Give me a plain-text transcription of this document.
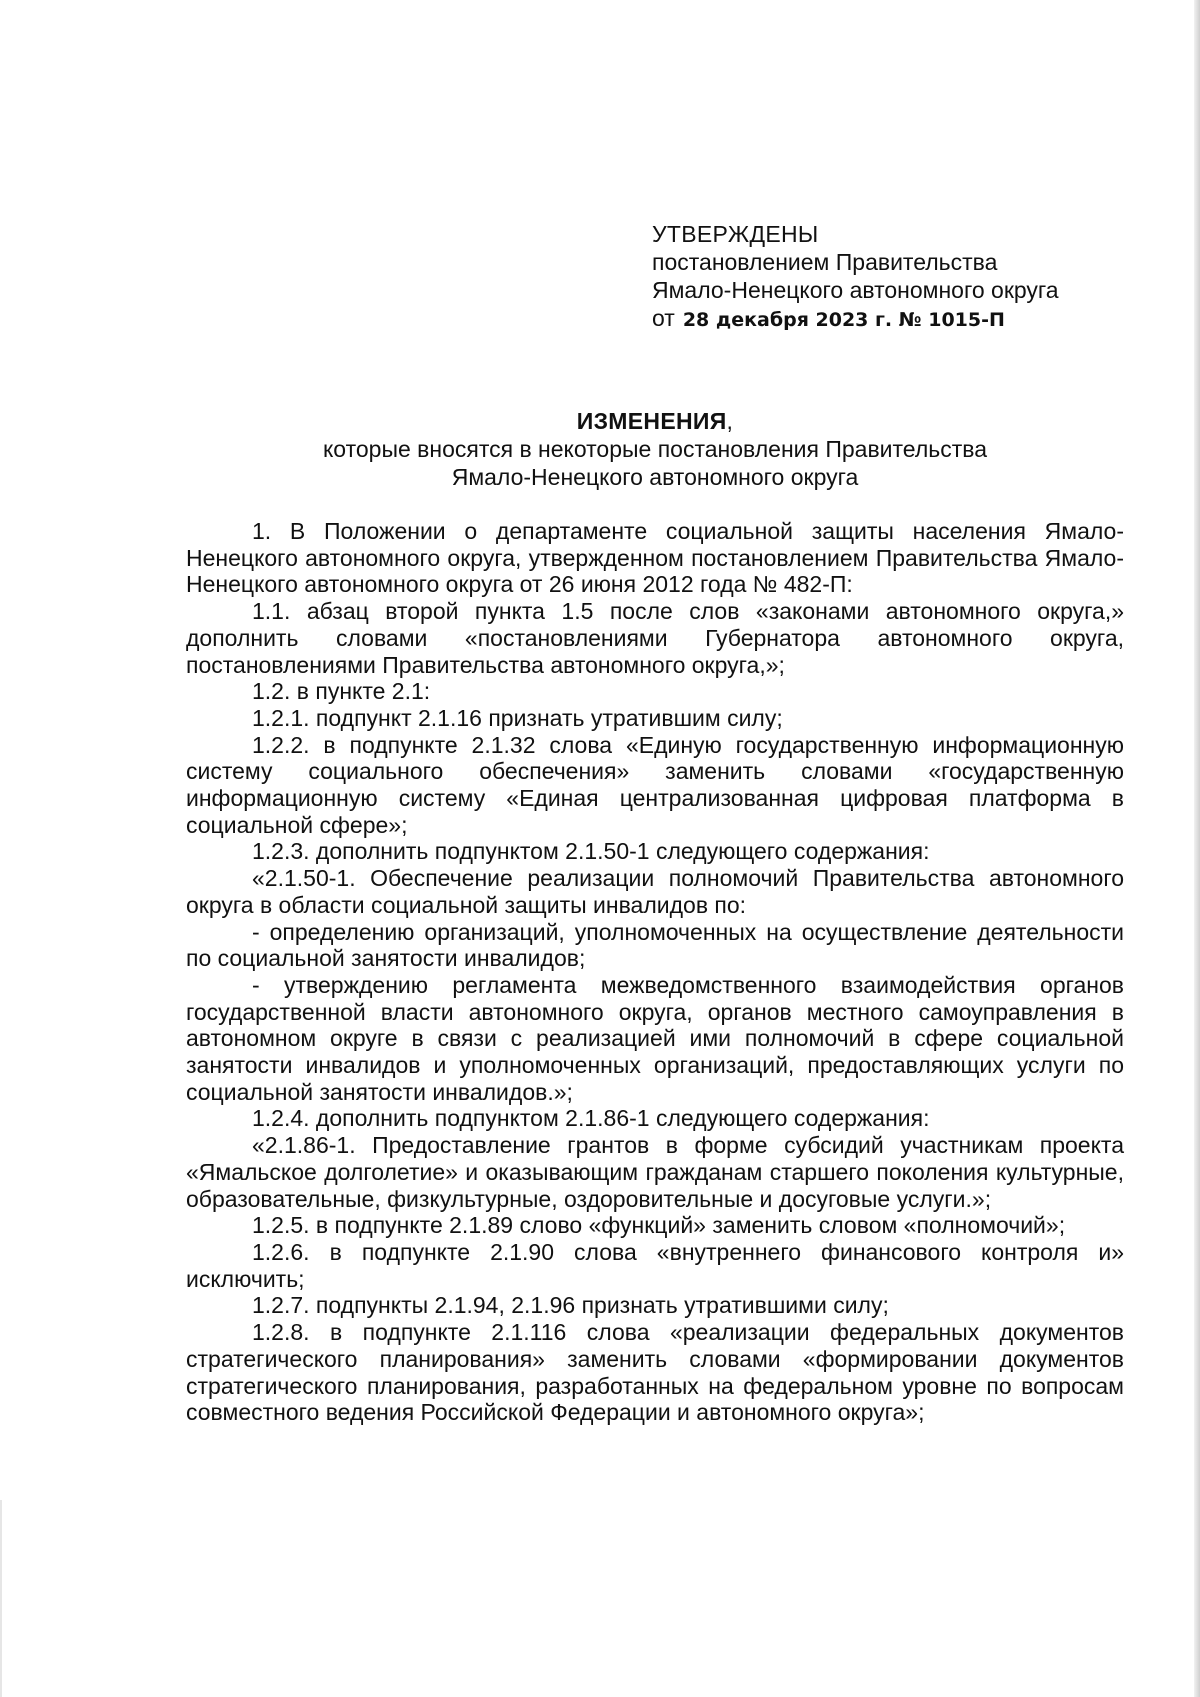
УТВЕРЖДЕНЫ

постановлением Правительства

Ямало-Ненецкого автономного округа

от 28 декабря 2023 г. № 1015-П

ИЗМЕНЕНИЯ,

которые вносятся в некоторые постановления Правительства

Ямало-Ненецкого автономного округа

1. В Положении о департаменте социальной защиты населения Ямало-Ненецкого автономного округа, утвержденном постановлением Правительства Ямало-Ненецкого автономного округа от 26 июня 2012 года № 482-П:

1.1. абзац второй пункта 1.5 после слов «законами автономного округа,» дополнить словами «постановлениями Губернатора автономного округа, постановлениями Правительства автономного округа,»;

1.2. в пункте 2.1:

1.2.1. подпункт 2.1.16 признать утратившим силу;

1.2.2. в подпункте 2.1.32 слова «Единую государственную информационную систему социального обеспечения» заменить словами «государственную информационную систему «Единая централизованная цифровая платформа в социальной сфере»;

1.2.3. дополнить подпунктом 2.1.50-1 следующего содержания:

«2.1.50-1. Обеспечение реализации полномочий Правительства автономного округа в области социальной защиты инвалидов по:

- определению организаций, уполномоченных на осуществление деятельности по социальной занятости инвалидов;

- утверждению регламента межведомственного взаимодействия органов государственной власти автономного округа, органов местного самоуправления в автономном округе в связи с реализацией ими полномочий в сфере социальной занятости инвалидов и уполномоченных организаций, предоставляющих услуги по социальной занятости инвалидов.»;

1.2.4. дополнить подпунктом 2.1.86-1 следующего содержания:

«2.1.86-1. Предоставление грантов в форме субсидий участникам проекта «Ямальское долголетие» и оказывающим гражданам старшего поколения культурные, образовательные, физкультурные, оздоровительные и досуговые услуги.»;

1.2.5. в подпункте 2.1.89 слово «функций» заменить словом «полномочий»;

1.2.6. в подпункте 2.1.90 слова «внутреннего финансового контроля и» исключить;

1.2.7. подпункты 2.1.94, 2.1.96 признать утратившими силу;

1.2.8. в подпункте 2.1.116 слова «реализации федеральных документов стратегического планирования» заменить словами «формировании документов стратегического планирования, разработанных на федеральном уровне по вопросам совместного ведения Российской Федерации и автономного округа»;
